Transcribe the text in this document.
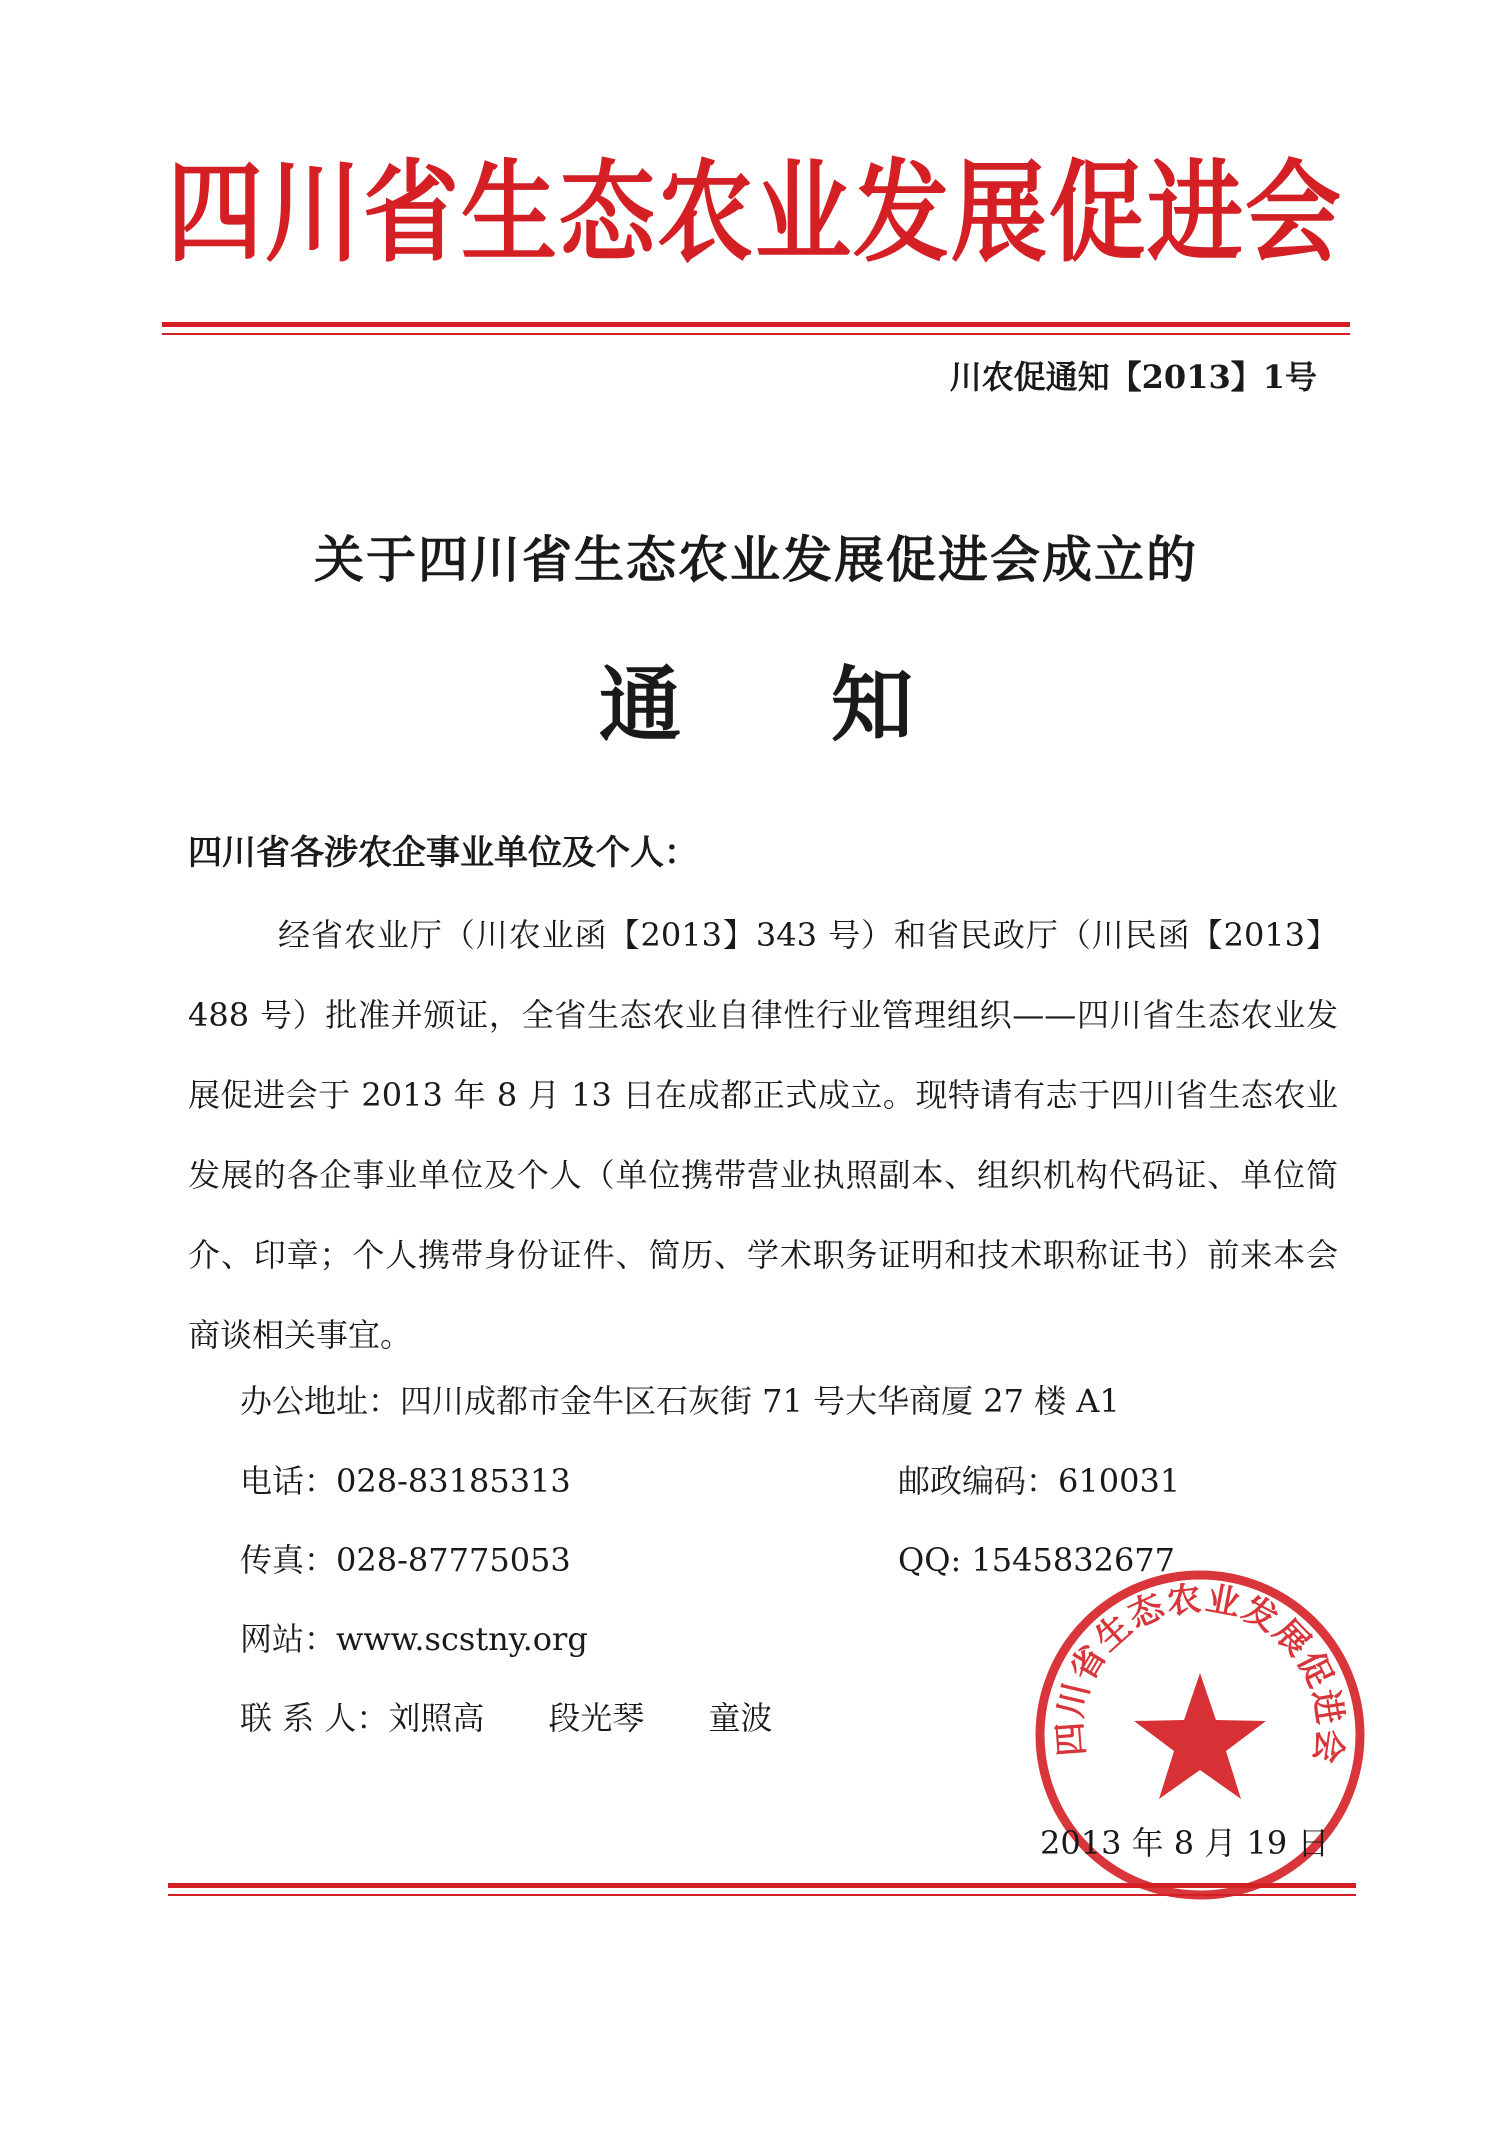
四川省生态农业发展促进会
川农促通知【2013】1号
关于四川省生态农业发展促进会成立的
通知
四川省各涉农企事业单位及个人：
经省农业厅（川农业函【2013】343 号）和省民政厅（川民函【2013】488 号）批准并颁证，全省生态农业自律性行业管理组织——四川省生态农业发展促进会于 2013 年 8 月 13 日在成都正式成立。现特请有志于四川省生态农业发展的各企事业单位及个人（单位携带营业执照副本、组织机构代码证、单位简介、印章；个人携带身份证件、简历、学术职务证明和技术职称证书）前来本会商谈相关事宜。
办公地址：四川成都市金牛区石灰街 71 号大华商厦 27 楼 A1
电话：028-83185313	邮政编码：610031
传真：028-87775053	QQ: 1545832677
网站：www.scstny.org
联 系 人：刘照高　　段光琴　　童波
四川省生态农业发展促进会
2013 年 8 月 19 日
